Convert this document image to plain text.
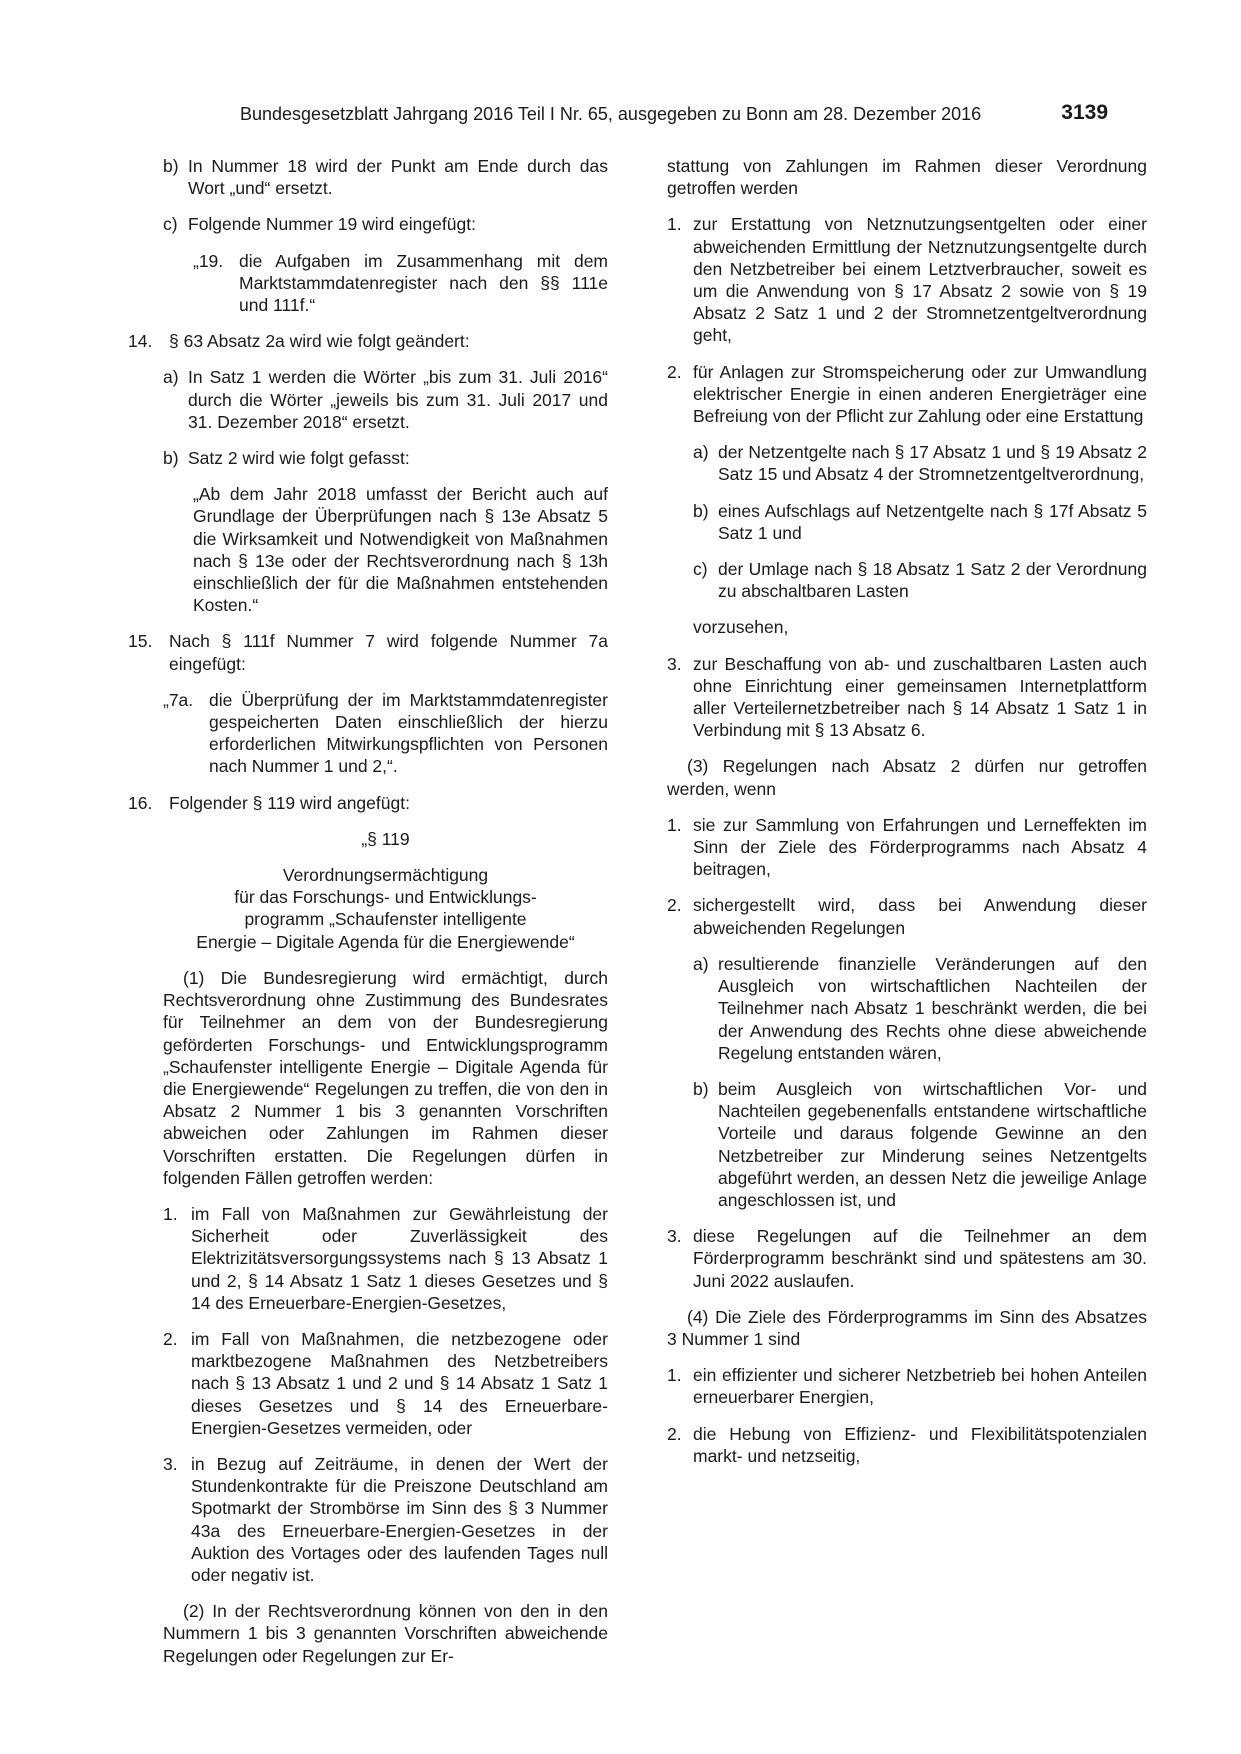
Bundesgesetzblatt Jahrgang 2016 Teil I Nr. 65, ausgegeben zu Bonn am 28. Dezember 2016	3139
b) In Nummer 18 wird der Punkt am Ende durch das Wort „und“ ersetzt.
c) Folgende Nummer 19 wird eingefügt:
„19. die Aufgaben im Zusammenhang mit dem Marktstammdatenregister nach den §§ 111e und 111f.“
14. § 63 Absatz 2a wird wie folgt geändert:
a) In Satz 1 werden die Wörter „bis zum 31. Juli 2016“ durch die Wörter „jeweils bis zum 31. Juli 2017 und 31. Dezember 2018“ ersetzt.
b) Satz 2 wird wie folgt gefasst:
„Ab dem Jahr 2018 umfasst der Bericht auch auf Grundlage der Überprüfungen nach § 13e Absatz 5 die Wirksamkeit und Notwendigkeit von Maßnahmen nach § 13e oder der Rechtsverordnung nach § 13h einschließlich der für die Maßnahmen entstehenden Kosten.“
15. Nach § 111f Nummer 7 wird folgende Nummer 7a eingefügt:
„7a. die Überprüfung der im Marktstammdatenregister gespeicherten Daten einschließlich der hierzu erforderlichen Mitwirkungspflichten von Personen nach Nummer 1 und 2,“.
16. Folgender § 119 wird angefügt:
„§ 119
Verordnungsermächtigung
für das Forschungs- und Entwicklungs-
programm „Schaufenster intelligente
Energie – Digitale Agenda für die Energiewende“
(1) Die Bundesregierung wird ermächtigt, durch Rechtsverordnung ohne Zustimmung des Bundesrates für Teilnehmer an dem von der Bundesregierung geförderten Forschungs- und Entwicklungsprogramm „Schaufenster intelligente Energie – Digitale Agenda für die Energiewende“ Regelungen zu treffen, die von den in Absatz 2 Nummer 1 bis 3 genannten Vorschriften abweichen oder Zahlungen im Rahmen dieser Vorschriften erstatten. Die Regelungen dürfen in folgenden Fällen getroffen werden:
1. im Fall von Maßnahmen zur Gewährleistung der Sicherheit oder Zuverlässigkeit des Elektrizitätsversorgungssystems nach § 13 Absatz 1 und 2, § 14 Absatz 1 Satz 1 dieses Gesetzes und § 14 des Erneuerbare-Energien-Gesetzes,
2. im Fall von Maßnahmen, die netzbezogene oder marktbezogene Maßnahmen des Netzbetreibers nach § 13 Absatz 1 und 2 und § 14 Absatz 1 Satz 1 dieses Gesetzes und § 14 des Erneuerbare-Energien-Gesetzes vermeiden, oder
3. in Bezug auf Zeiträume, in denen der Wert der Stundenkontrakte für die Preiszone Deutschland am Spotmarkt der Strombörse im Sinn des § 3 Nummer 43a des Erneuerbare-Energien-Gesetzes in der Auktion des Vortages oder des laufenden Tages null oder negativ ist.
(2) In der Rechtsverordnung können von den in den Nummern 1 bis 3 genannten Vorschriften abweichende Regelungen oder Regelungen zur Er-
stattung von Zahlungen im Rahmen dieser Verordnung getroffen werden
1. zur Erstattung von Netznutzungsentgelten oder einer abweichenden Ermittlung der Netznutzungsentgelte durch den Netzbetreiber bei einem Letztverbraucher, soweit es um die Anwendung von § 17 Absatz 2 sowie von § 19 Absatz 2 Satz 1 und 2 der Stromnetzentgeltverordnung geht,
2. für Anlagen zur Stromspeicherung oder zur Umwandlung elektrischer Energie in einen anderen Energieträger eine Befreiung von der Pflicht zur Zahlung oder eine Erstattung
a) der Netzentgelte nach § 17 Absatz 1 und § 19 Absatz 2 Satz 15 und Absatz 4 der Stromnetzentgeltverordnung,
b) eines Aufschlags auf Netzentgelte nach § 17f Absatz 5 Satz 1 und
c) der Umlage nach § 18 Absatz 1 Satz 2 der Verordnung zu abschaltbaren Lasten
vorzusehen,
3. zur Beschaffung von ab- und zuschaltbaren Lasten auch ohne Einrichtung einer gemeinsamen Internetplattform aller Verteilernetzbetreiber nach § 14 Absatz 1 Satz 1 in Verbindung mit § 13 Absatz 6.
(3) Regelungen nach Absatz 2 dürfen nur getroffen werden, wenn
1. sie zur Sammlung von Erfahrungen und Lerneffekten im Sinn der Ziele des Förderprogramms nach Absatz 4 beitragen,
2. sichergestellt wird, dass bei Anwendung dieser abweichenden Regelungen
a) resultierende finanzielle Veränderungen auf den Ausgleich von wirtschaftlichen Nachteilen der Teilnehmer nach Absatz 1 beschränkt werden, die bei der Anwendung des Rechts ohne diese abweichende Regelung entstanden wären,
b) beim Ausgleich von wirtschaftlichen Vor- und Nachteilen gegebenenfalls entstandene wirtschaftliche Vorteile und daraus folgende Gewinne an den Netzbetreiber zur Minderung seines Netzentgelts abgeführt werden, an dessen Netz die jeweilige Anlage angeschlossen ist, und
3. diese Regelungen auf die Teilnehmer an dem Förderprogramm beschränkt sind und spätestens am 30. Juni 2022 auslaufen.
(4) Die Ziele des Förderprogramms im Sinn des Absatzes 3 Nummer 1 sind
1. ein effizienter und sicherer Netzbetrieb bei hohen Anteilen erneuerbarer Energien,
2. die Hebung von Effizienz- und Flexibilitätspotenzialen markt- und netzseitig,
